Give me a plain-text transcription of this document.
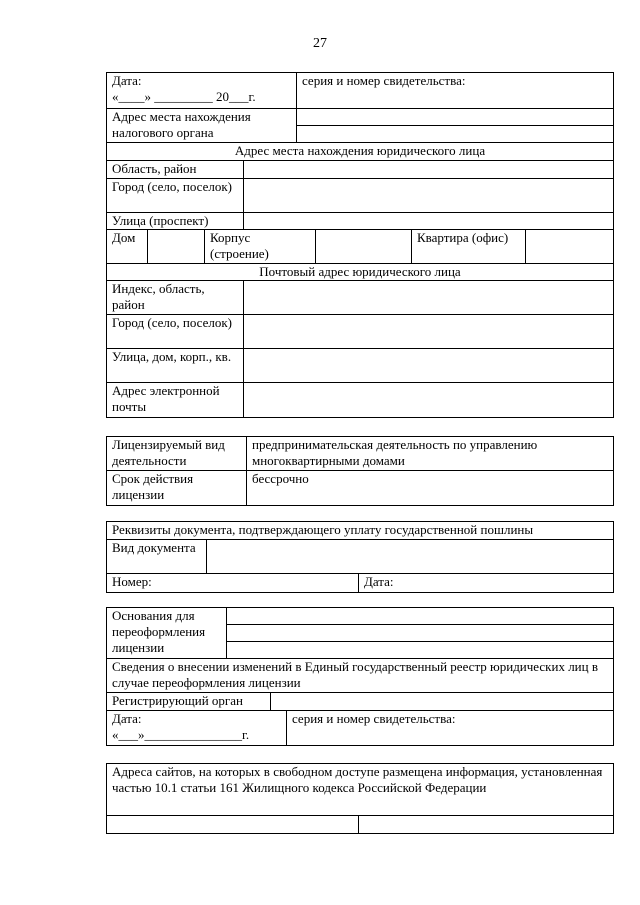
27
Дата:
«____» _________ 20___г.
серия и номер свидетельства:
Адрес места нахождения налогового органа
Адрес места нахождения юридического лица
Область, район
Город (село, поселок)
Улица (проспект)
Дом	Корпус (строение)
Квартира (офис)
Почтовый адрес юридического лица
Индекс, область, район
Город (село, поселок)
Улица, дом, корп., кв.
Адрес электронной почты
Лицензируемый вид деятельности
предпринимательская деятельность по управлению многоквартирными домами
Срок действия лицензии
бессрочно
Реквизиты документа, подтверждающего уплату государственной пошлины
Вид документа
Номер:	Дата:
Основания для переоформления лицензии
Сведения о внесении изменений в Единый государственный реестр юридических лиц в случае переоформления лицензии
Регистрирующий орган
Дата:
«___»_______________г.
серия и номер свидетельства:
Адреса сайтов, на которых в свободном доступе размещена информация, установленная частью 10.1 статьи 161 Жилищного кодекса Российской Федерации
